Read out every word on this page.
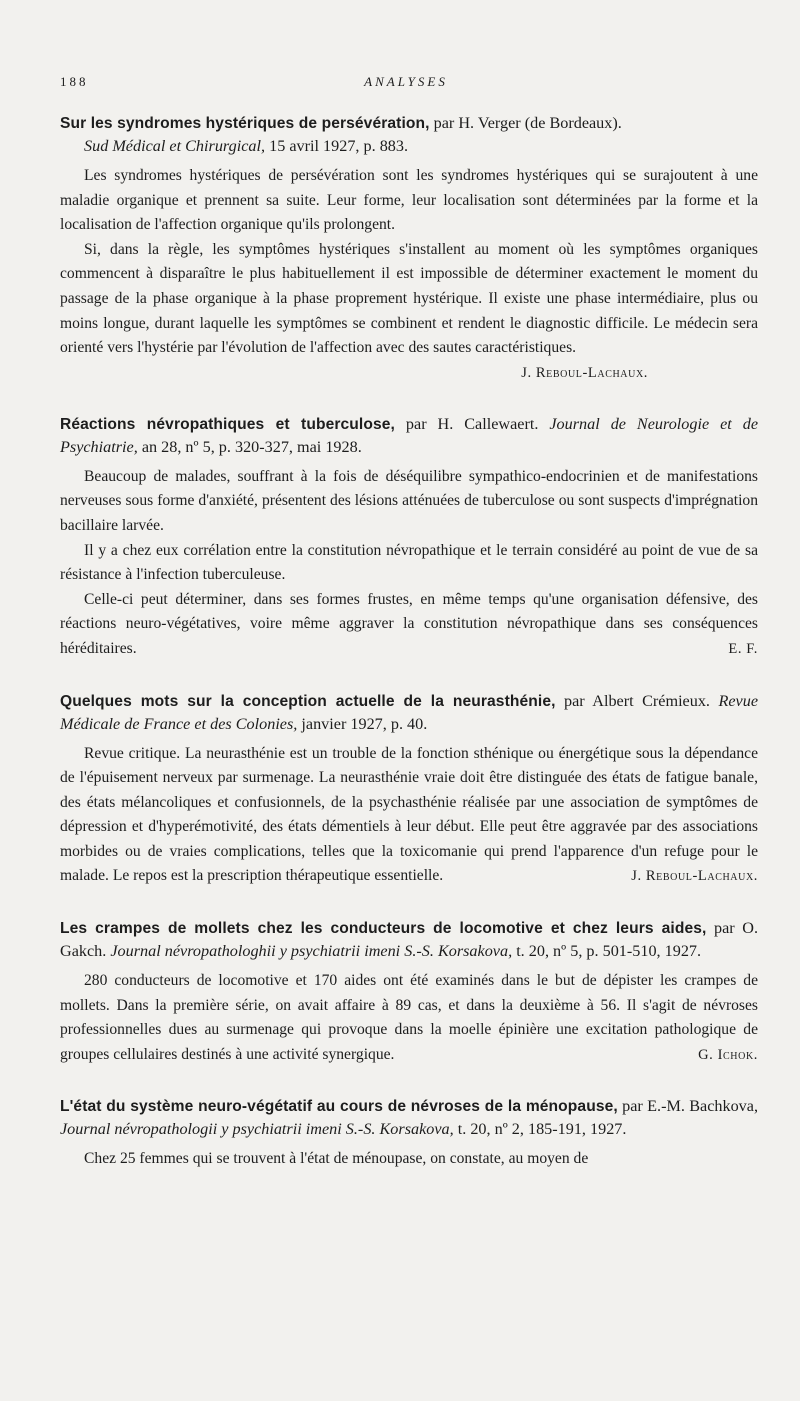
188	ANALYSES

Sur les syndromes hystériques de persévération, par H. Verger (de Bordeaux).
Sud Médical et Chirurgical, 15 avril 1927, p. 883.

Les syndromes hystériques de persévération sont les syndromes hystériques qui se surajoutent à une maladie organique et prennent sa suite. Leur forme, leur localisation sont déterminées par la forme et la localisation de l'affection organique qu'ils prolongent.

Si, dans la règle, les symptômes hystériques s'installent au moment où les symptômes organiques commencent à disparaître le plus habituellement il est impossible de déterminer exactement le moment du passage de la phase organique à la phase proprement hystérique. Il existe une phase intermédiaire, plus ou moins longue, durant laquelle les symptômes se combinent et rendent le diagnostic difficile. Le médecin sera orienté vers l'hystérie par l'évolution de l'affection avec des sautes caractéristiques.

J. Reboul-Lachaux.

Réactions névropathiques et tuberculose, par H. Callewaert. Journal de Neurologie et de Psychiatrie, an 28, nº 5, p. 320-327, mai 1928.

Beaucoup de malades, souffrant à la fois de déséquilibre sympathico-endocrinien et de manifestations nerveuses sous forme d'anxiété, présentent des lésions atténuées de tuberculose ou sont suspects d'imprégnation bacillaire larvée.

Il y a chez eux corrélation entre la constitution névropathique et le terrain considéré au point de vue de sa résistance à l'infection tuberculeuse.

Celle-ci peut déterminer, dans ses formes frustes, en même temps qu'une organisation défensive, des réactions neuro-végétatives, voire même aggraver la constitution névropathique dans ses conséquences héréditaires.	E. F.

Quelques mots sur la conception actuelle de la neurasthénie, par Albert Crémieux. Revue Médicale de France et des Colonies, janvier 1927, p. 40.

Revue critique. La neurasthénie est un trouble de la fonction sthénique ou énergétique sous la dépendance de l'épuisement nerveux par surmenage. La neurasthénie vraie doit être distinguée des états de fatigue banale, des états mélancoliques et confusionnels, de la psychasthénie réalisée par une association de symptômes de dépression et d'hyperémotivité, des états démentiels à leur début. Elle peut être aggravée par des associations morbides ou de vraies complications, telles que la toxicomanie qui prend l'apparence d'un refuge pour le malade. Le repos est la prescription thérapeutique essentielle.	J. Reboul-Lachaux.

Les crampes de mollets chez les conducteurs de locomotive et chez leurs aides, par O. Gakch. Journal névropathologhii y psychiatrii imeni S.-S. Korsakova, t. 20, nº 5, p. 501-510, 1927.

280 conducteurs de locomotive et 170 aides ont été examinés dans le but de dépister les crampes de mollets. Dans la première série, on avait affaire à 89 cas, et dans la deuxième à 56. Il s'agit de névroses professionnelles dues au surmenage qui provoque dans la moelle épinière une excitation pathologique de groupes cellulaires destinés à une activité synergique.	G. Ichok.

L'état du système neuro-végétatif au cours de névroses de la ménopause, par E.-M. Bachkova, Journal névropathologii y psychiatrii imeni S.-S. Korsakova, t. 20, nº 2, 185-191, 1927.

Chez 25 femmes qui se trouvent à l'état de ménoupase, on constate, au moyen de
